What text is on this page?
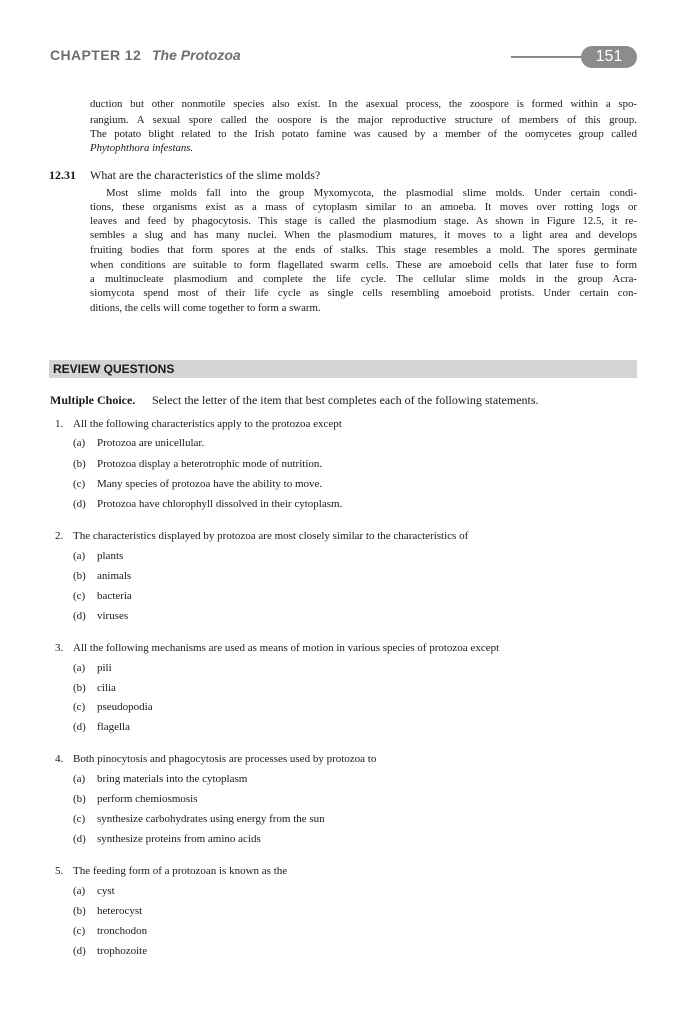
CHAPTER 12 The Protozoa	151
duction but other nonmotile species also exist. In the asexual process, the zoospore is formed within a spo-
rangium. A sexual spore called the oospore is the major reproductive structure of members of this group.
The potato blight related to the Irish potato famine was caused by a member of the oomycetes group called
Phytophthora infestans.
12.31 What are the characteristics of the slime molds?
Most slime molds fall into the group Myxomycota, the plasmodial slime molds. Under certain condi-
tions, these organisms exist as a mass of cytoplasm similar to an amoeba. It moves over rotting logs or
leaves and feed by phagocytosis. This stage is called the plasmodium stage. As shown in Figure 12.5, it re-
sembles a slug and has many nuclei. When the plasmodium matures, it moves to a light area and develops
fruiting bodies that form spores at the ends of stalks. This stage resembles a mold. The spores germinate
when conditions are suitable to form flagellated swarm cells. These are amoeboid cells that later fuse to form
a multinucleate plasmodium and complete the life cycle. The cellular slime molds in the group Acra-
siomycota spend most of their life cycle as single cells resembling amoeboid protists. Under certain con-
ditions, the cells will come together to form a swarm.
REVIEW QUESTIONS
Multiple Choice. Select the letter of the item that best completes each of the following statements.
1. All the following characteristics apply to the protozoa except
(a) Protozoa are unicellular.
(b) Protozoa display a heterotrophic mode of nutrition.
(c) Many species of protozoa have the ability to move.
(d) Protozoa have chlorophyll dissolved in their cytoplasm.
2. The characteristics displayed by protozoa are most closely similar to the characteristics of
(a) plants
(b) animals
(c) bacteria
(d) viruses
3. All the following mechanisms are used as means of motion in various species of protozoa except
(a) pili
(b) cilia
(c) pseudopodia
(d) flagella
4. Both pinocytosis and phagocytosis are processes used by protozoa to
(a) bring materials into the cytoplasm
(b) perform chemiosmosis
(c) synthesize carbohydrates using energy from the sun
(d) synthesize proteins from amino acids
5. The feeding form of a protozoan is known as the
(a) cyst
(b) heterocyst
(c) tronchodon
(d) trophozoite
